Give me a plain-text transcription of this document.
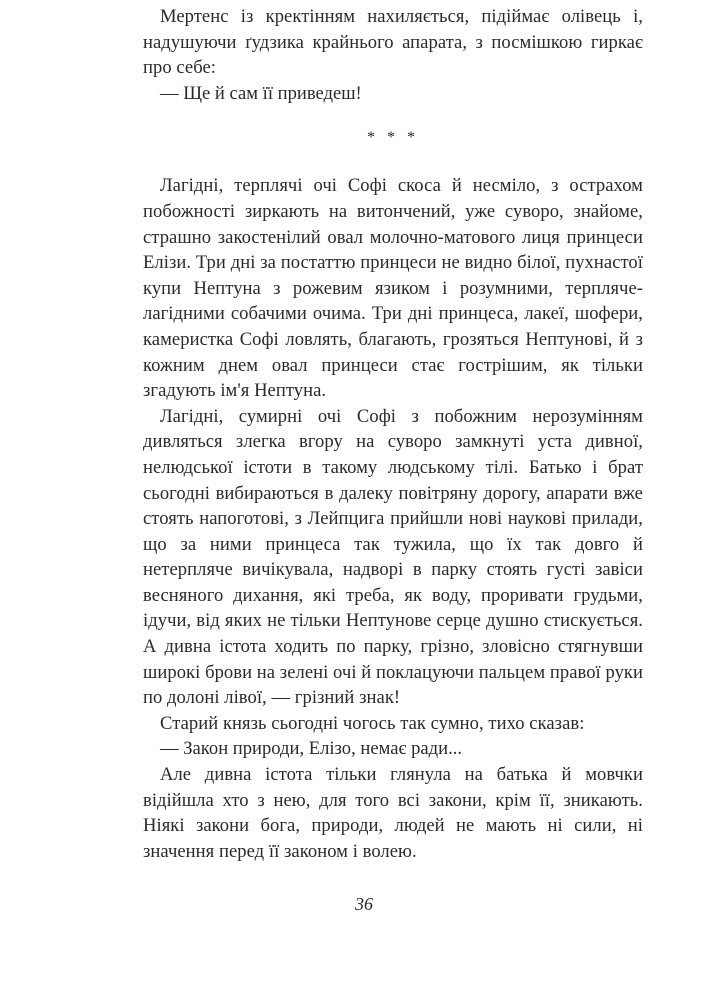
Мертенс із кректінням нахиляється, підіймає олівець і, надушуючи ґудзика крайнього апарата, з посмішкою гиркає про себе:

— Ще й сам її приведеш!

* * *

Лагідні, терплячі очі Софі скоса й несміло, з острахом побожності зиркають на витончений, уже суворо, знайоме, страшно закостенілий овал молочно-матового лиця принцеси Елізи. Три дні за постаттю принцеси не видно білої, пухнастої купи Нептуна з рожевим язиком і розумними, терпляче-лагідними собачими очима. Три дні принцеса, лакеї, шофери, камеристка Софі ловлять, благають, грозяться Нептунові, й з кожним днем овал принцеси стає гострішим, як тільки згадують ім'я Нептуна.

Лагідні, сумирні очі Софі з побожним нерозумінням дивляться злегка вгору на суворо замкнуті уста дивної, нелюдської істоти в такому людському тілі. Батько і брат сьогодні вибираються в далеку повітряну дорогу, апарати вже стоять напоготові, з Лейпцига прийшли нові наукові прилади, що за ними принцеса так тужила, що їх так довго й нетерпляче вичікувала, надворі в парку стоять густі завіси весняного дихання, які треба, як воду, проривати грудьми, ідучи, від яких не тільки Нептунове серце душно стискується. А дивна істота ходить по парку, грізно, зловісно стягнувши широкі брови на зелені очі й поклацуючи пальцем правої руки по долоні лівої, — грізний знак!

Старий князь сьогодні чогось так сумно, тихо сказав:

— Закон природи, Елізо, немає ради...

Але дивна істота тільки глянула на батька й мовчки відійшла хто з нею, для того всі закони, крім її, зникають. Ніякі закони бога, природи, людей не мають ні сили, ні значення перед її законом і волею.

36
